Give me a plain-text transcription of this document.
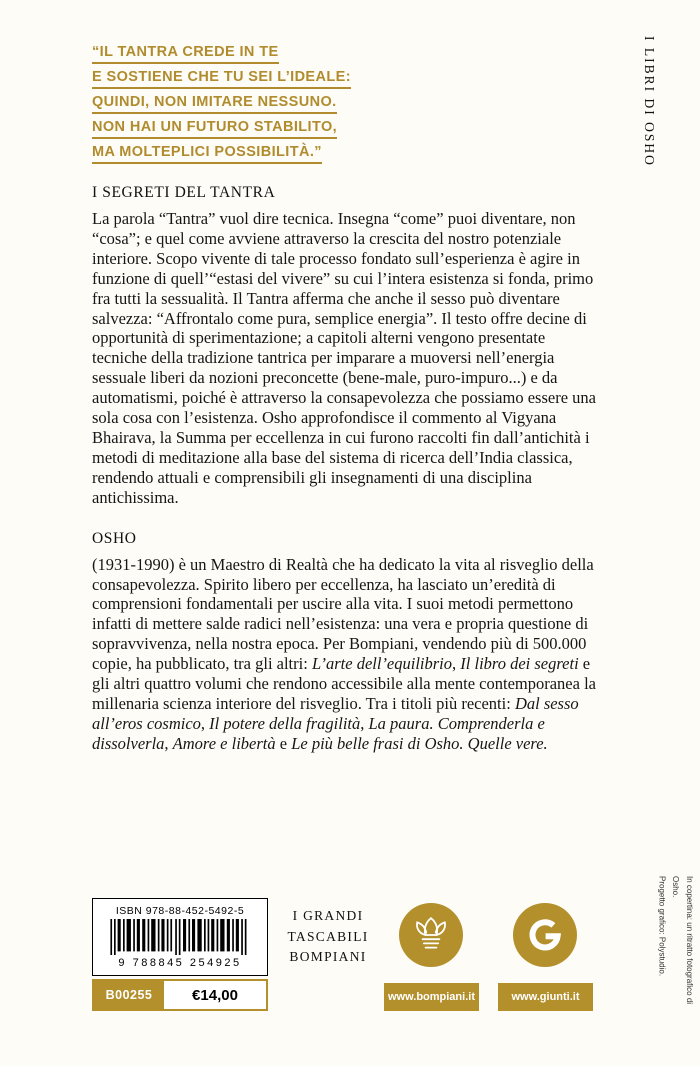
“IL TANTRA CREDE IN TE
E SOSTIENE CHE TU SEI L’IDEALE:
QUINDI, NON IMITARE NESSUNO.
NON HAI UN FUTURO STABILITO,
MA MOLTEPLICI POSSIBILITÀ.”	I LIBRI DI OSHO
I SEGRETI DEL TANTRA

La parola “Tantra” vuol dire tecnica. Insegna “come” puoi diventare, non “cosa”; e quel come avviene attraverso la crescita del nostro potenziale interiore. Scopo vivente di tale processo fondato sull’esperienza è agire in funzione di quell’“estasi del vivere” su cui l’intera esistenza si fonda, primo fra tutti la sessualità. Il Tantra afferma che anche il sesso può diventare salvezza: “Affrontalo come pura, semplice energia”. Il testo offre decine di opportunità di sperimentazione; a capitoli alterni vengono presentate tecniche della tradizione tantrica per imparare a muoversi nell’energia sessuale liberi da nozioni preconcette (bene-male, puro-impuro...) e da automatismi, poiché è attraverso la consapevolezza che possiamo essere una sola cosa con l’esistenza. Osho approfondisce il commento al Vigyana Bhairava, la Summa per eccellenza in cui furono raccolti fin dall’antichità i metodi di meditazione alla base del sistema di ricerca dell’India classica, rendendo attuali e comprensibili gli insegnamenti di una disciplina antichissima.

OSHO

(1931-1990) è un Maestro di Realtà che ha dedicato la vita al risveglio della consapevolezza. Spirito libero per eccellenza, ha lasciato un’eredità di comprensioni fondamentali per uscire alla vita. I suoi metodi permettono infatti di mettere salde radici nell’esistenza: una vera e propria questione di sopravvivenza, nella nostra epoca. Per Bompiani, vendendo più di 500.000 copie, ha pubblicato, tra gli altri: L’arte dell’equilibrio, Il libro dei segreti e gli altri quattro volumi che rendono accessibile alla mente contemporanea la millenaria scienza interiore del risveglio. Tra i titoli più recenti: Dal sesso all’eros cosmico, Il potere della fragilità, La paura. Comprenderla e dissolverla, Amore e libertà e Le più belle frasi di Osho. Quelle vere.

ISBN 978-88-452-5492-5
9 788845 254925
B00255	€14,00
I GRANDI
TASCABILI
BOMPIANI
www.bompiani.it	www.giunti.it	In copertina: un ritratto fotografico di Osho.
Progetto grafico: Polystudio.
